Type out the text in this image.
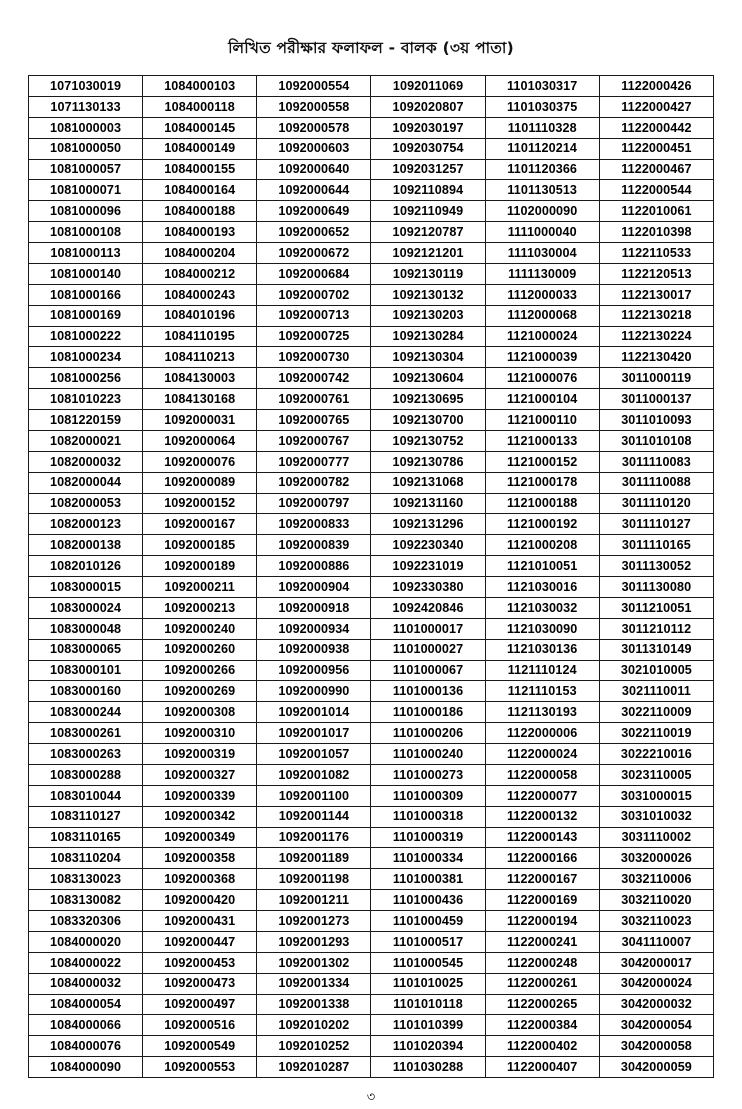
লিখিত পরীক্ষার ফলাফল - বালক (৩য় পাতা)
1071030019	1084000103	1092000554	1092011069	1101030317	1122000426
1071130133	1084000118	1092000558	1092020807	1101030375	1122000427
1081000003	1084000145	1092000578	1092030197	1101110328	1122000442
1081000050	1084000149	1092000603	1092030754	1101120214	1122000451
1081000057	1084000155	1092000640	1092031257	1101120366	1122000467
1081000071	1084000164	1092000644	1092110894	1101130513	1122000544
1081000096	1084000188	1092000649	1092110949	1102000090	1122010061
1081000108	1084000193	1092000652	1092120787	1111000040	1122010398
1081000113	1084000204	1092000672	1092121201	1111030004	1122110533
1081000140	1084000212	1092000684	1092130119	1111130009	1122120513
1081000166	1084000243	1092000702	1092130132	1112000033	1122130017
1081000169	1084010196	1092000713	1092130203	1112000068	1122130218
1081000222	1084110195	1092000725	1092130284	1121000024	1122130224
1081000234	1084110213	1092000730	1092130304	1121000039	1122130420
1081000256	1084130003	1092000742	1092130604	1121000076	3011000119
1081010223	1084130168	1092000761	1092130695	1121000104	3011000137
1081220159	1092000031	1092000765	1092130700	1121000110	3011010093
1082000021	1092000064	1092000767	1092130752	1121000133	3011010108
1082000032	1092000076	1092000777	1092130786	1121000152	3011110083
1082000044	1092000089	1092000782	1092131068	1121000178	3011110088
1082000053	1092000152	1092000797	1092131160	1121000188	3011110120
1082000123	1092000167	1092000833	1092131296	1121000192	3011110127
1082000138	1092000185	1092000839	1092230340	1121000208	3011110165
1082010126	1092000189	1092000886	1092231019	1121010051	3011130052
1083000015	1092000211	1092000904	1092330380	1121030016	3011130080
1083000024	1092000213	1092000918	1092420846	1121030032	3011210051
1083000048	1092000240	1092000934	1101000017	1121030090	3011210112
1083000065	1092000260	1092000938	1101000027	1121030136	3011310149
1083000101	1092000266	1092000956	1101000067	1121110124	3021010005
1083000160	1092000269	1092000990	1101000136	1121110153	3021110011
1083000244	1092000308	1092001014	1101000186	1121130193	3022110009
1083000261	1092000310	1092001017	1101000206	1122000006	3022110019
1083000263	1092000319	1092001057	1101000240	1122000024	3022210016
1083000288	1092000327	1092001082	1101000273	1122000058	3023110005
1083010044	1092000339	1092001100	1101000309	1122000077	3031000015
1083110127	1092000342	1092001144	1101000318	1122000132	3031010032
1083110165	1092000349	1092001176	1101000319	1122000143	3031110002
1083110204	1092000358	1092001189	1101000334	1122000166	3032000026
1083130023	1092000368	1092001198	1101000381	1122000167	3032110006
1083130082	1092000420	1092001211	1101000436	1122000169	3032110020
1083320306	1092000431	1092001273	1101000459	1122000194	3032110023
1084000020	1092000447	1092001293	1101000517	1122000241	3041110007
1084000022	1092000453	1092001302	1101000545	1122000248	3042000017
1084000032	1092000473	1092001334	1101010025	1122000261	3042000024
1084000054	1092000497	1092001338	1101010118	1122000265	3042000032
1084000066	1092000516	1092010202	1101010399	1122000384	3042000054
1084000076	1092000549	1092010252	1101020394	1122000402	3042000058
1084000090	1092000553	1092010287	1101030288	1122000407	3042000059
৩
